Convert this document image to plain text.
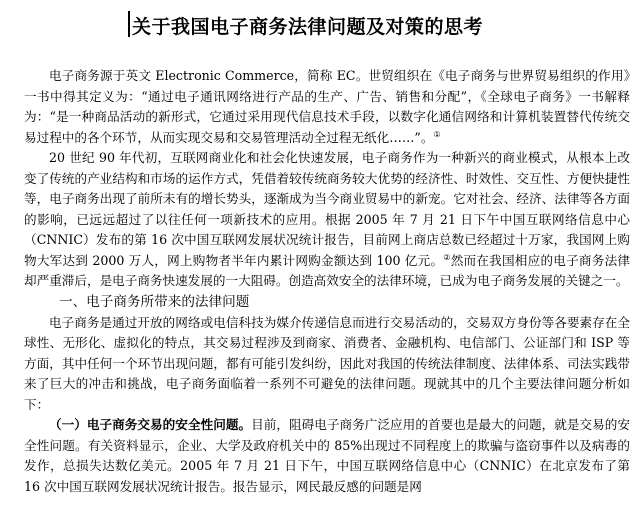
关于我国电子商务法律问题及对策的思考

电子商务源于英文 Electronic Commerce，简称 EC。世贸组织在《电子商务与世界贸易组织的作用》一书中得其定义为：“通过电子通讯网络进行产品的生产、广告、销售和分配”，《全球电子商务》一书解释为：“是一种商品活动的新形式，它通过采用现代信息技术手段，以数字化通信网络和计算机装置替代传统交易过程中的各个环节，从而实现交易和交易管理活动全过程无纸化……”。①

20 世纪 90 年代初，互联网商业化和社会化快速发展，电子商务作为一种新兴的商业模式，从根本上改变了传统的产业结构和市场的运作方式，凭借着较传统商务较大优势的经济性、时效性、交互性、方便快捷性等，电子商务出现了前所未有的增长势头，逐渐成为当今商业贸易中的新宠。它对社会、经济、法律等各方面的影响，已远远超过了以往任何一项新技术的应用。根据 2005 年 7 月 21 日下午中国互联网络信息中心（CNNIC）发布的第 16 次中国互联网发展状况统计报告，目前网上商店总数已经超过十万家，我国网上购物大军达到 2000 万人，网上购物者半年内累计网购金额达到 100 亿元。②然而在我国相应的电子商务法律却严重滞后，是电子商务快速发展的一大阻碍。创造高效安全的法律环境，已成为电子商务发展的关键之一。

一、电子商务所带来的法律问题

电子商务是通过开放的网络或电信科技为媒介传递信息而进行交易活动的，交易双方身份等各要素存在全球性、无形化、虚拟化的特点，其交易过程涉及到商家、消费者、金融机构、电信部门、公证部门和 ISP 等方面，其中任何一个环节出现问题，都有可能引发纠纷，因此对我国的传统法律制度、法律体系、司法实践带来了巨大的冲击和挑战，电子商务面临着一系列不可避免的法律问题。现就其中的几个主要法律问题分析如下：

（一）电子商务交易的安全性问题。目前，阻碍电子商务广泛应用的首要也是最大的问题，就是交易的安全性问题。有关资料显示，企业、大学及政府机关中的 85%出现过不同程度上的欺骗与盗窃事件以及病毒的发作，总损失达数亿美元。2005 年 7 月 21 日下午，中国互联网络信息中心（CNNIC）在北京发布了第 16 次中国互联网发展状况统计报告。报告显示，网民最反感的问题是网
